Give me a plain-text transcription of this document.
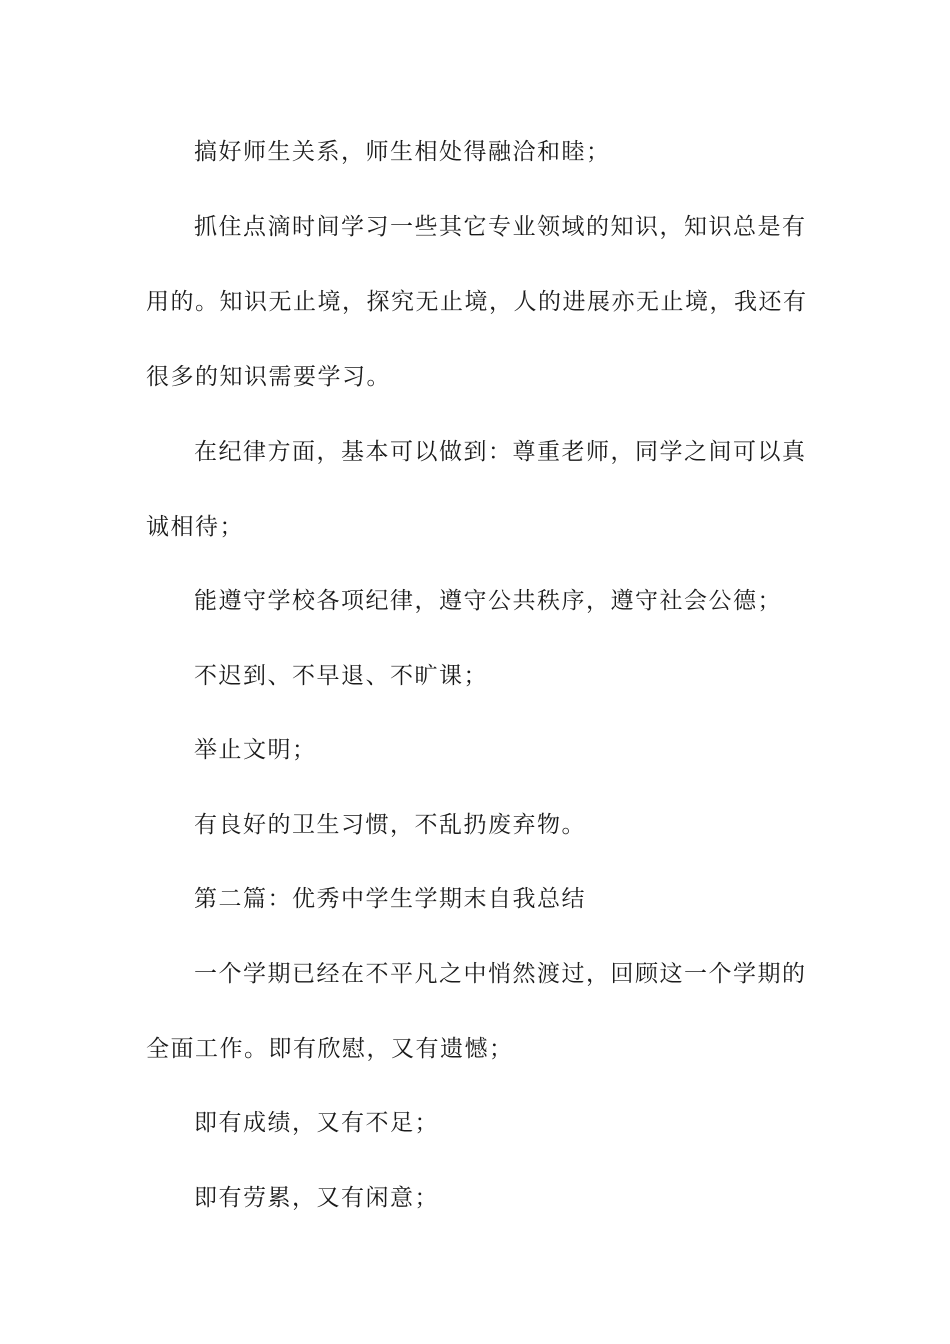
搞好师生关系，师生相处得融洽和睦；
抓住点滴时间学习一些其它专业领域的知识，知识总是有
用的。知识无止境，探究无止境，人的进展亦无止境，我还有
很多的知识需要学习。
在纪律方面，基本可以做到：尊重老师，同学之间可以真
诚相待；
能遵守学校各项纪律，遵守公共秩序，遵守社会公德；
不迟到、不早退、不旷课；
举止文明；
有良好的卫生习惯，不乱扔废弃物。
第二篇：优秀中学生学期末自我总结
一个学期已经在不平凡之中悄然渡过，回顾这一个学期的
全面工作。即有欣慰，又有遗憾；
即有成绩，又有不足；
即有劳累，又有闲意；
